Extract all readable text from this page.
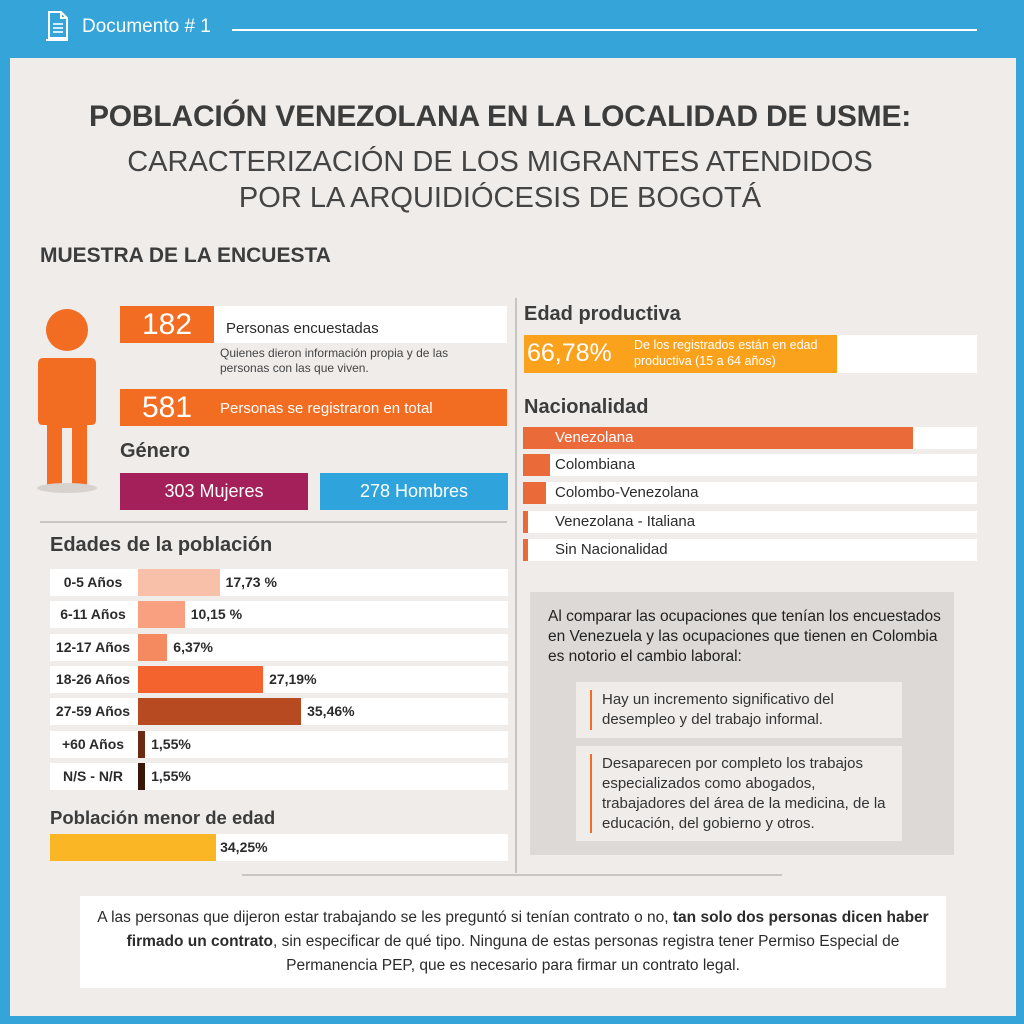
Documento # 1
POBLACIÓN VENEZOLANA EN LA LOCALIDAD DE USME:
CARACTERIZACIÓN DE LOS MIGRANTES ATENDIDOS
POR LA ARQUIDIÓCESIS DE BOGOTÁ
MUESTRA DE LA ENCUESTA
182	Personas encuestadas
Quienes dieron información propia y de las personas con las que viven.
581	Personas se registraron en total
Género
303 Mujeres	278 Hombres
Edades de la población
0-5 Años	17,73 %
6-11 Años	10,15 %
12-17 Años	6,37%
18-26 Años	27,19%
27-59 Años	35,46%
+60 Años	1,55%
N/S - N/R	1,55%
Población menor de edad
34,25%
Edad productiva
66,78% De los registrados están en edad productiva (15 a 64 años)
Nacionalidad
Venezolana
Colombiana
Colombo-Venezolana
Venezolana - Italiana
Sin Nacionalidad
Al comparar las ocupaciones que tenían los encuestados en Venezuela y las ocupaciones que tienen en Colombia es notorio el cambio laboral:
Hay un incremento significativo del desempleo y del trabajo informal.
Desaparecen por completo los trabajos especializados como abogados, trabajadores del área de la medicina, de la educación, del gobierno y otros.
A las personas que dijeron estar trabajando se les preguntó si tenían contrato o no, tan solo dos personas dicen haber firmado un contrato, sin especificar de qué tipo. Ninguna de estas personas registra tener Permiso Especial de Permanencia PEP, que es necesario para firmar un contrato legal.
